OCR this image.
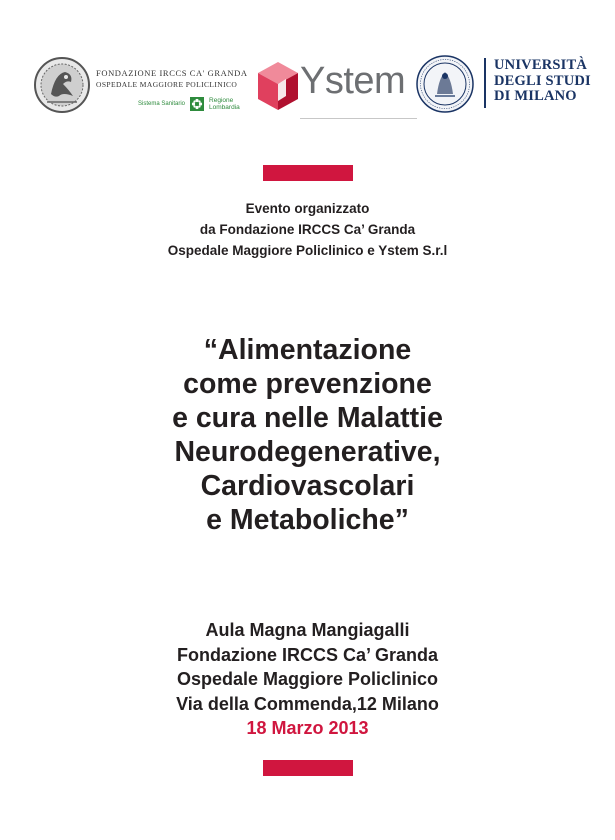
FONDAZIONE IRCCS CA' GRANDA
OSPEDALE MAGGIORE POLICLINICO
Sistema Sanitario	Regione
Lombardia
Ystem	UNIVERSITÀ
DEGLI STUDI
DI MILANO
Evento organizzato
da Fondazione IRCCS Ca’ Granda
Ospedale Maggiore Policlinico e Ystem S.r.l
“Alimentazione
come prevenzione
e cura nelle Malattie
Neurodegenerative,
Cardiovascolari
e Metaboliche”
Aula Magna Mangiagalli
Fondazione IRCCS Ca’ Granda
Ospedale Maggiore Policlinico
Via della Commenda,12 Milano
18 Marzo 2013
